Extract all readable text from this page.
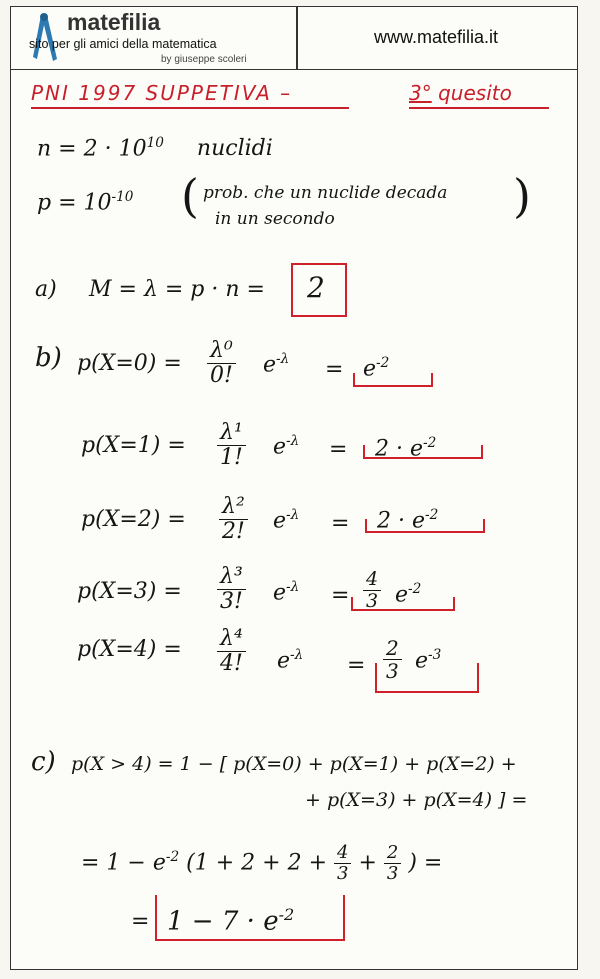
matefilia
sito per gli amici della matematica
by giuseppe scoleri
www.matefilia.it
PNI 1997 SUPPETIVA –	3° quesito
$n = 2 \cdot 10^{10}$ nuclidi
$p = 10^{-10}$ ( prob. che un nuclide decada
in un secondo	)
a) M = λ = p · n = 2
b) $p(X=0) = \frac{\text{λ⁰}}{0!} e^{-\lambda} = e^{-2}$
$p(X=1) = \frac{\text{λ¹}}{1!} e^{-\lambda} = 2 \cdot e^{-2}$
$p(X=2) = \frac{\text{λ²}}{2!} e^{-\lambda} = 2 \cdot e^{-2}$
$p(X=3) = \frac{\text{λ³}}{3!} e^{-\lambda} = \frac{4}{3} e^{-2}$
$p(X=4) = \frac{\text{λ⁴}}{4!} e^{-\lambda} = \frac{2}{3} e^{-3}$
c) p(X > 4) = 1 − [ p(X=0) + p(X=1) + p(X=2) +
+ p(X=3) + p(X=4) ] =
= $1 - e^{-2}$ ($1 + 2 + 2 + \frac{4}{3} + \frac{2}{3}$ ) =
= $1 - 7 \cdot e^{-2}$
